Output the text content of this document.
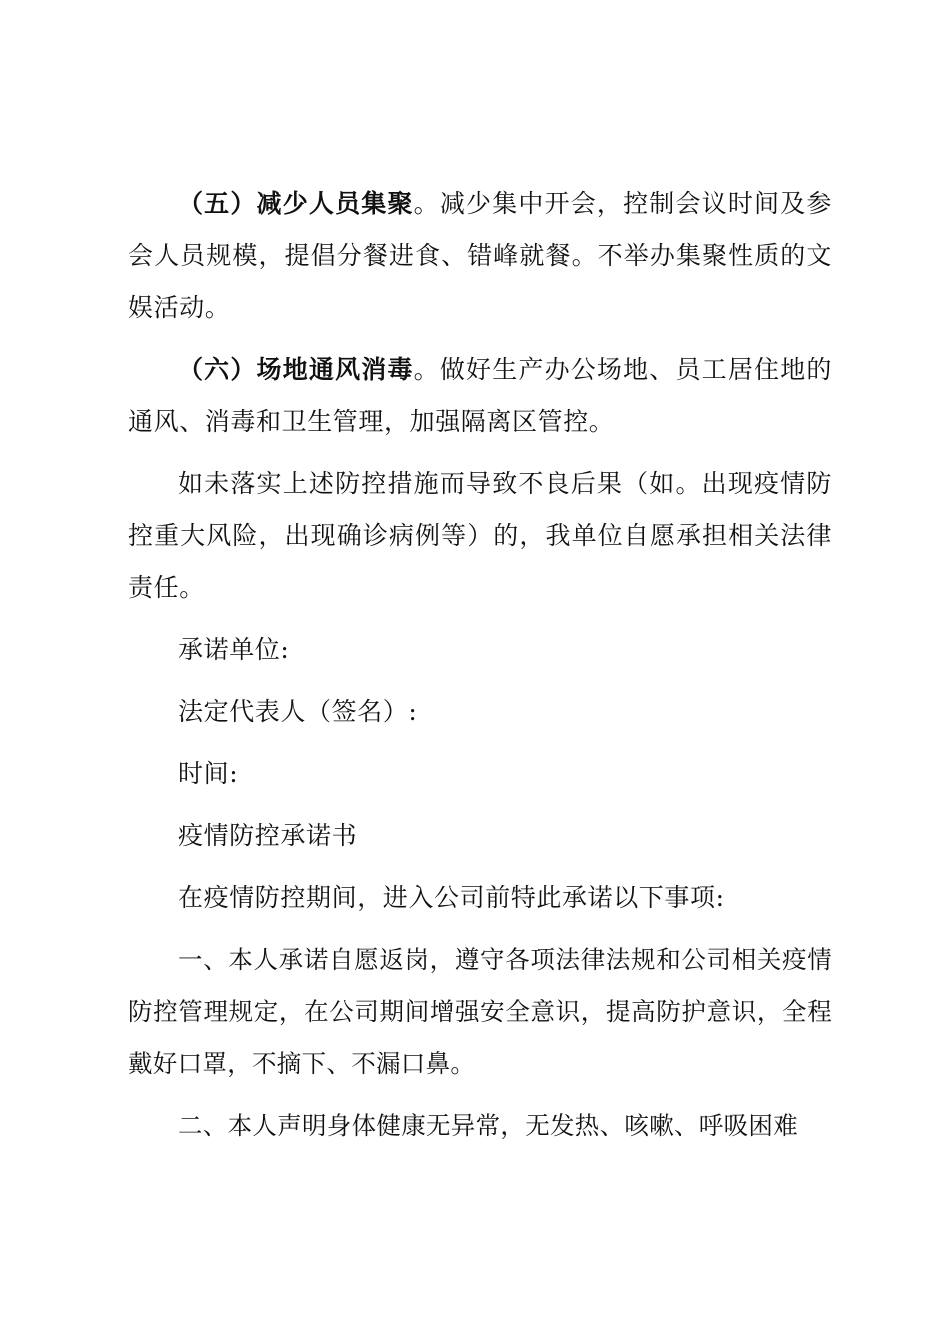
（五）减少人员集聚。减少集中开会，控制会议时间及参会人员规模，提倡分餐进食、错峰就餐。不举办集聚性质的文娱活动。

（六）场地通风消毒。做好生产办公场地、员工居住地的通风、消毒和卫生管理，加强隔离区管控。

如未落实上述防控措施而导致不良后果（如。出现疫情防控重大风险，出现确诊病例等）的，我单位自愿承担相关法律责任。

承诺单位:

法定代表人（签名）:

时间:

疫情防控承诺书

在疫情防控期间，进入公司前特此承诺以下事项:

一、本人承诺自愿返岗，遵守各项法律法规和公司相关疫情防控管理规定，在公司期间增强安全意识，提高防护意识，全程戴好口罩，不摘下、不漏口鼻。

二、本人声明身体健康无异常，无发热、咳嗽、呼吸困难
